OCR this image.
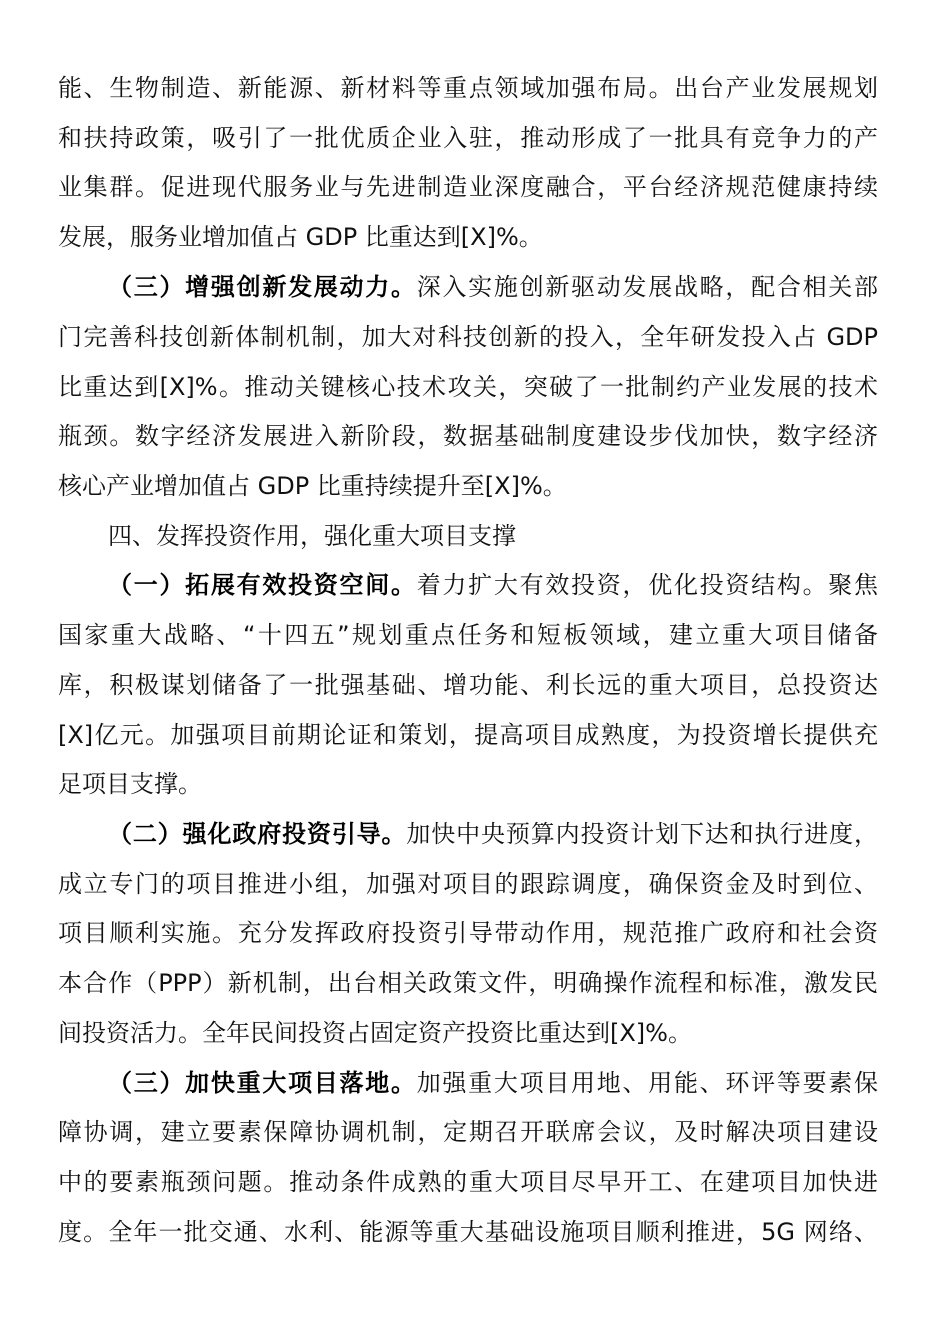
能、生物制造、新能源、新材料等重点领域加强布局。出台产业发展规划
和扶持政策，吸引了一批优质企业入驻，推动形成了一批具有竞争力的产
业集群。促进现代服务业与先进制造业深度融合，平台经济规范健康持续
发展，服务业增加值占 GDP 比重达到[X]%。
（三）增强创新发展动力。深入实施创新驱动发展战略，配合相关部
门完善科技创新体制机制，加大对科技创新的投入，全年研发投入占 GDP
比重达到[X]%。推动关键核心技术攻关，突破了一批制约产业发展的技术
瓶颈。数字经济发展进入新阶段，数据基础制度建设步伐加快，数字经济
核心产业增加值占 GDP 比重持续提升至[X]%。
四、发挥投资作用，强化重大项目支撑
（一）拓展有效投资空间。着力扩大有效投资，优化投资结构。聚焦
国家重大战略、“十四五”规划重点任务和短板领域，建立重大项目储备
库，积极谋划储备了一批强基础、增功能、利长远的重大项目，总投资达
[X]亿元。加强项目前期论证和策划，提高项目成熟度，为投资增长提供充
足项目支撑。
（二）强化政府投资引导。加快中央预算内投资计划下达和执行进度，
成立专门的项目推进小组，加强对项目的跟踪调度，确保资金及时到位、
项目顺利实施。充分发挥政府投资引导带动作用，规范推广政府和社会资
本合作（PPP）新机制，出台相关政策文件，明确操作流程和标准，激发民
间投资活力。全年民间投资占固定资产投资比重达到[X]%。
（三）加快重大项目落地。加强重大项目用地、用能、环评等要素保
障协调，建立要素保障协调机制，定期召开联席会议，及时解决项目建设
中的要素瓶颈问题。推动条件成熟的重大项目尽早开工、在建项目加快进
度。全年一批交通、水利、能源等重大基础设施项目顺利推进，5G 网络、
